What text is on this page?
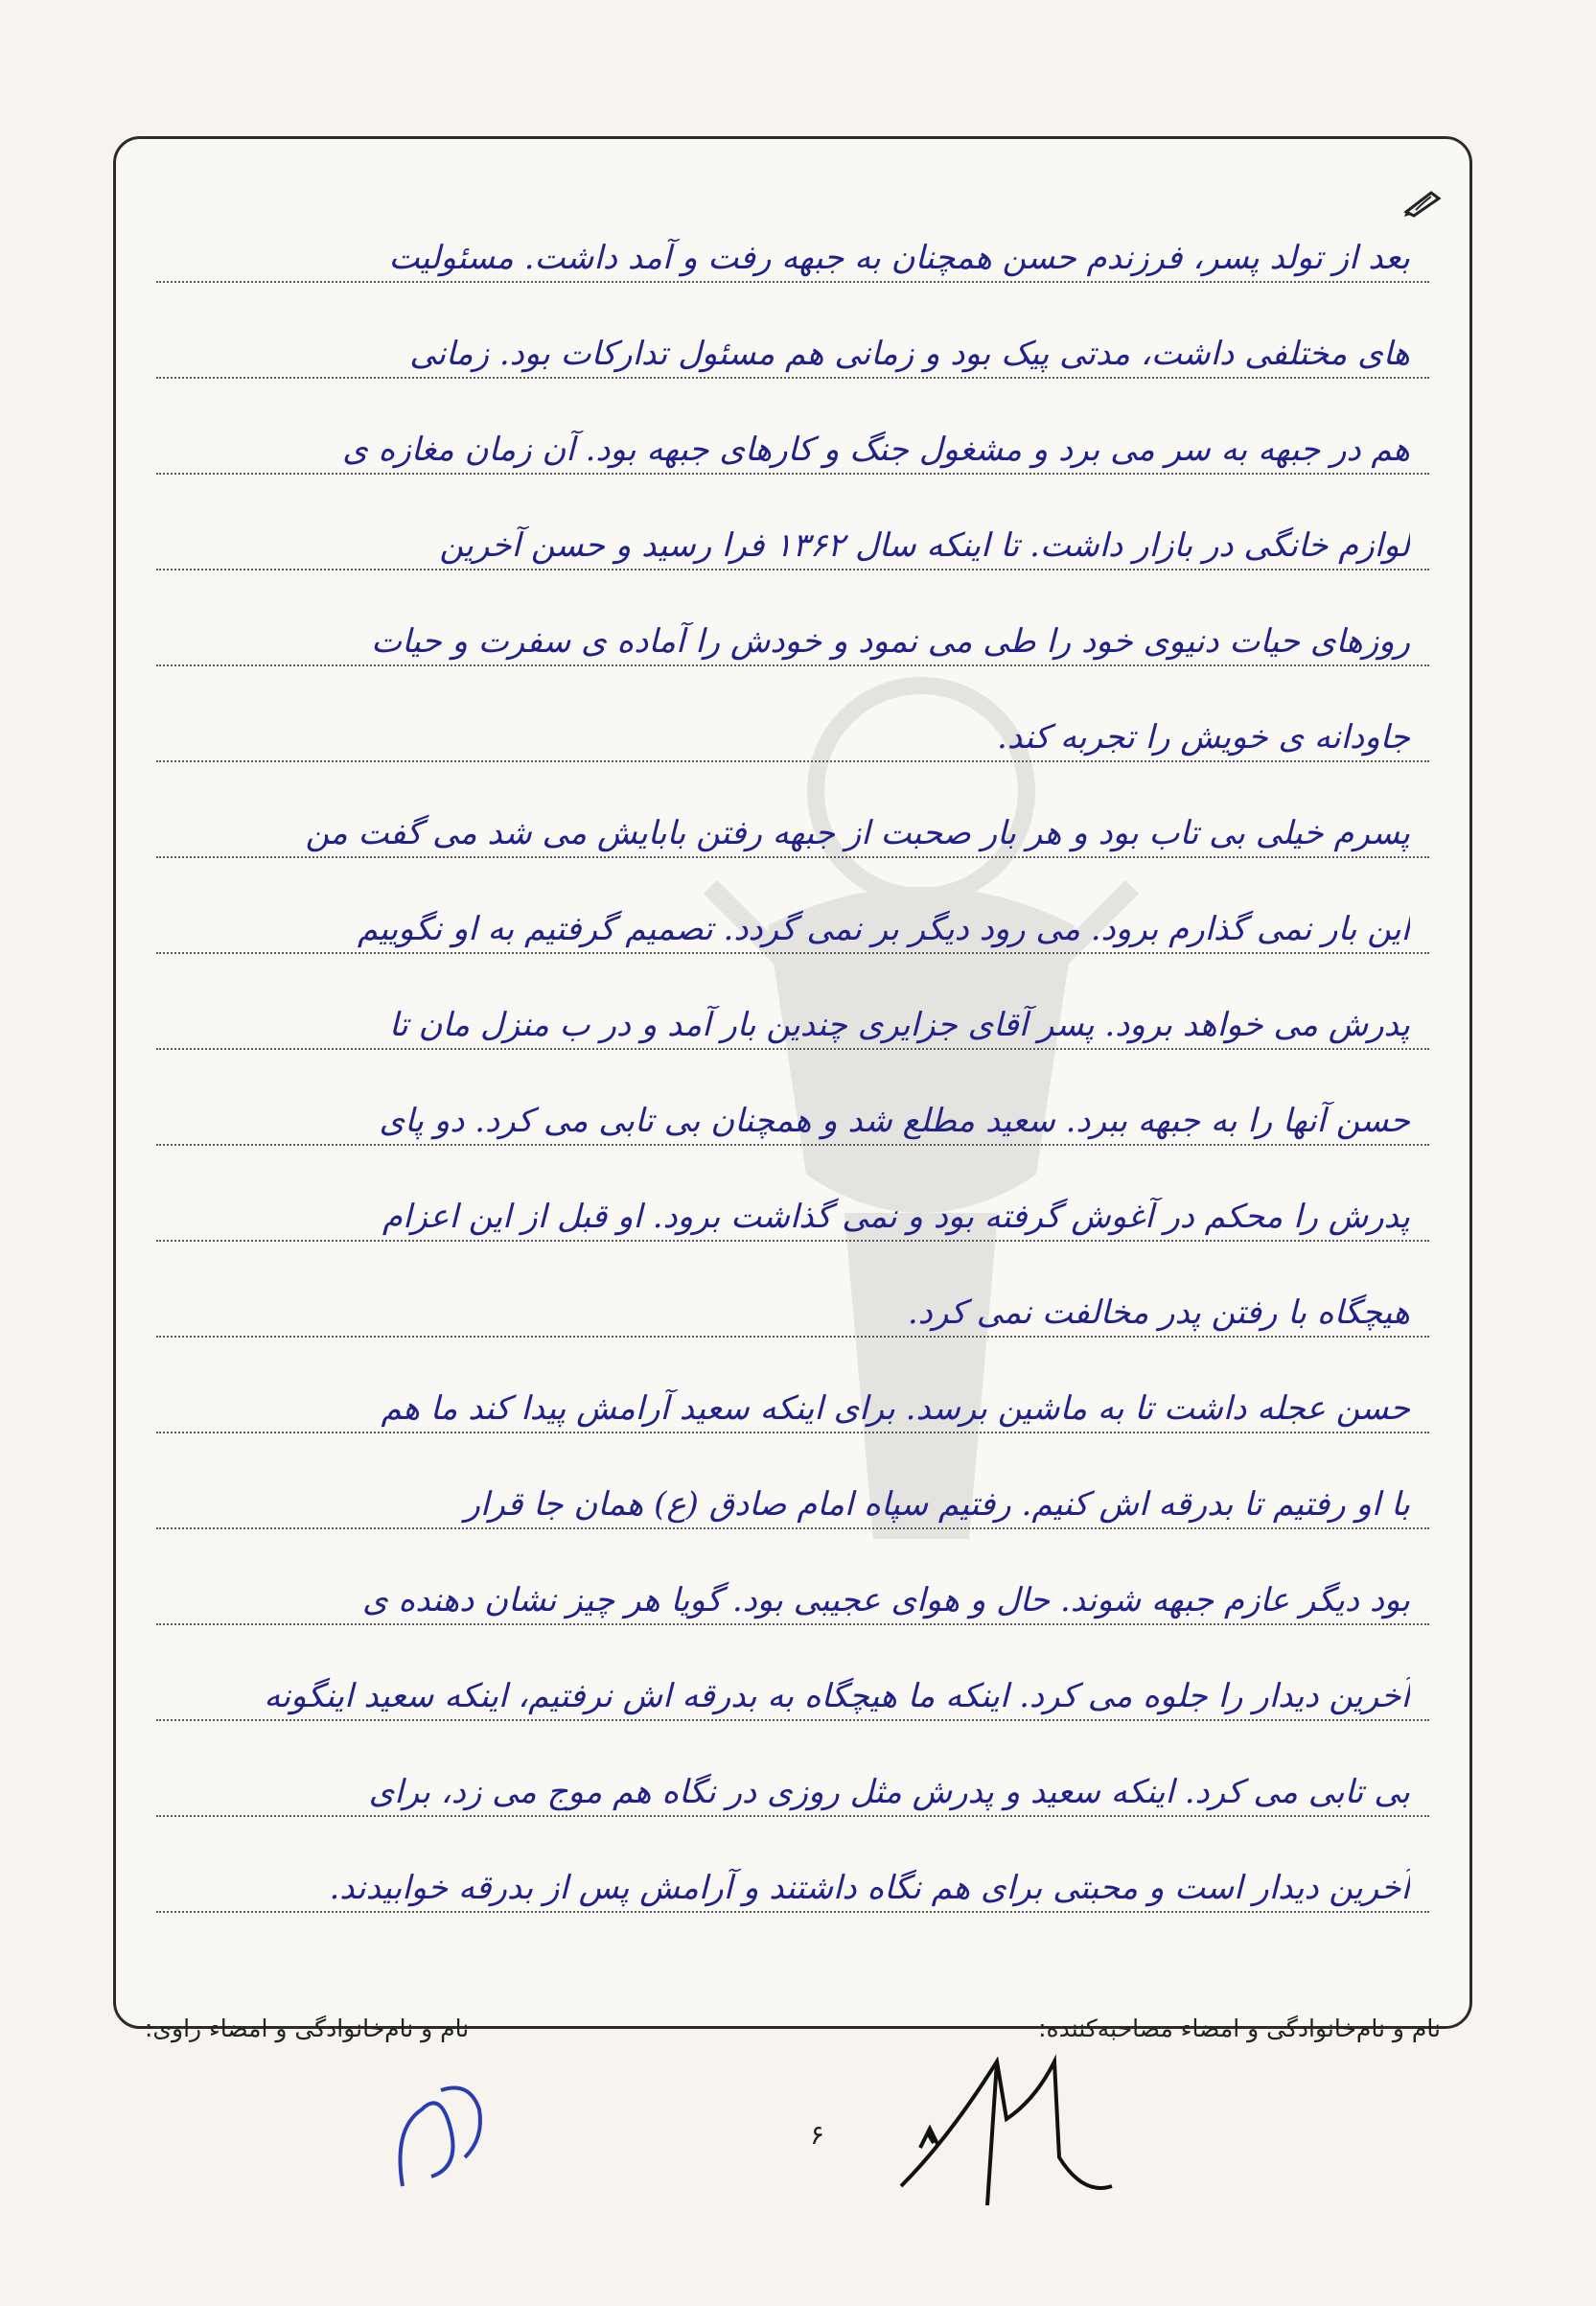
بعد از تولد پسر، فرزندم حسن همچنان به جبهه رفت و آمد داشت. مسئولیت
های مختلفی داشت، مدتی پیک بود و زمانی هم مسئول تدارکات بود. زمانی
هم در جبهه به سر می برد و مشغول جنگ و کارهای جبهه بود. آن زمان مغازه ی
لوازم خانگی در بازار داشت. تا اینکه سال ۱۳۶۲ فرا رسید و حسن آخرین
روزهای حیات دنیوی خود را طی می نمود و خودش را آماده ی سفرت و حیات
جاودانه ی خویش را تجربه کند.
پسرم خیلی بی تاب بود و هر بار صحبت از جبهه رفتن بابایش می شد می گفت من
این بار نمی گذارم برود. می رود دیگر بر نمی گردد. تصمیم گرفتیم به او نگوییم
پدرش می خواهد برود. پسر آقای جزایری چندین بار آمد و در ب منزل مان تا
حسن آنها را به جبهه ببرد. سعید مطلع شد و همچنان بی تابی می کرد. دو پای
پدرش را محکم در آغوش گرفته بود و نمی گذاشت برود. او قبل از این اعزام
هیچگاه با رفتن پدر مخالفت نمی کرد.
حسن عجله داشت تا به ماشین برسد. برای اینکه سعید آرامش پیدا کند ما هم
با او رفتیم تا بدرقه اش کنیم. رفتیم سپاه امام صادق (ع) همان جا قرار
بود دیگر عازم جبهه شوند. حال و هوای عجیبی بود. گویا هر چیز نشان دهنده ی
آخرین دیدار را جلوه می کرد. اینکه ما هیچگاه به بدرقه اش نرفتیم، اینکه سعید اینگونه
بی تابی می کرد. اینکه سعید و پدرش مثل روزی در نگاه هم موج می زد، برای
آخرین دیدار است و محبتی برای هم نگاه داشتند و آرامش پس از بدرقه خوابیدند.
نام و نام‌خانوادگی و امضاء مصاحبه‌کننده:
نام و نام‌خانوادگی و امضاء راوی:
۶
